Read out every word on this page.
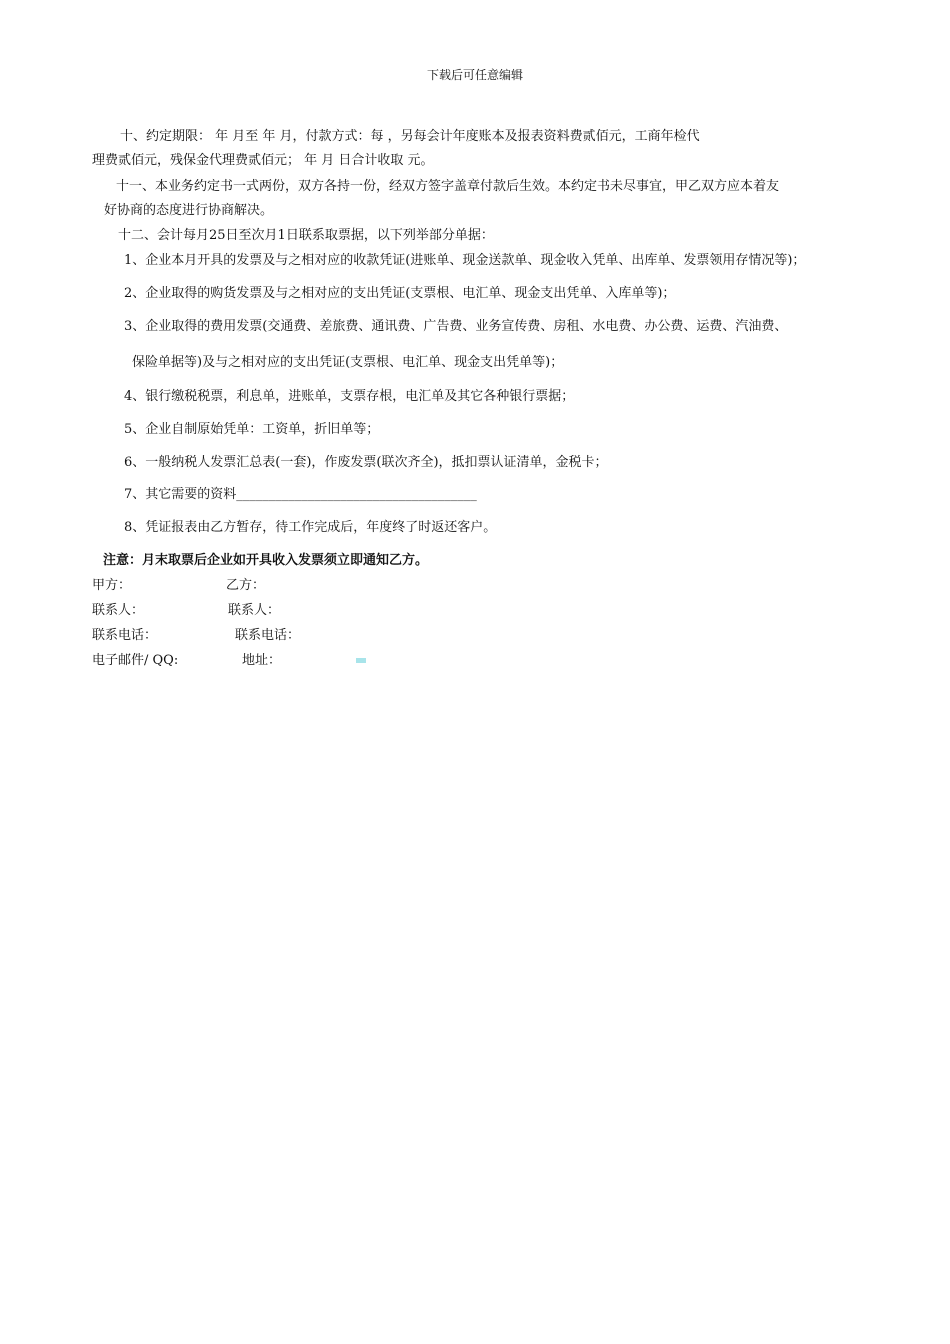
下载后可任意编辑
十、约定期限： 年 月至 年 月，付款方式：每 ，另每会计年度账本及报表资料费贰佰元，工商年检代
理费贰佰元，残保金代理费贰佰元； 年 月 日合计收取 元。
十一、本业务约定书一式两份，双方各持一份，经双方签字盖章付款后生效。本约定书未尽事宜，甲乙双方应本着友
好协商的态度进行协商解决。
十二、会计每月25日至次月1日联系取票据，以下列举部分单据：
1、企业本月开具的发票及与之相对应的收款凭证(进账单、现金送款单、现金收入凭单、出库单、发票领用存情况等)；
2、企业取得的购货发票及与之相对应的支出凭证(支票根、电汇单、现金支出凭单、入库单等)；
3、企业取得的费用发票(交通费、差旅费、通讯费、广告费、业务宣传费、房租、水电费、办公费、运费、汽油费、
保险单据等)及与之相对应的支出凭证(支票根、电汇单、现金支出凭单等)；
4、银行缴税税票，利息单，进账单，支票存根，电汇单及其它各种银行票据；
5、企业自制原始凭单：工资单，折旧单等；
6、一般纳税人发票汇总表(一套)，作废发票(联次齐全)，抵扣票认证清单，金税卡；
7、其它需要的资料_____________________________________
8、凭证报表由乙方暂存，待工作完成后，年度终了时返还客户。
注意：月末取票后企业如开具收入发票须立即通知乙方。
甲方：	乙方：
联系人：	联系人：
联系电话：	联系电话：
电子邮件/ QQ:	地址：
